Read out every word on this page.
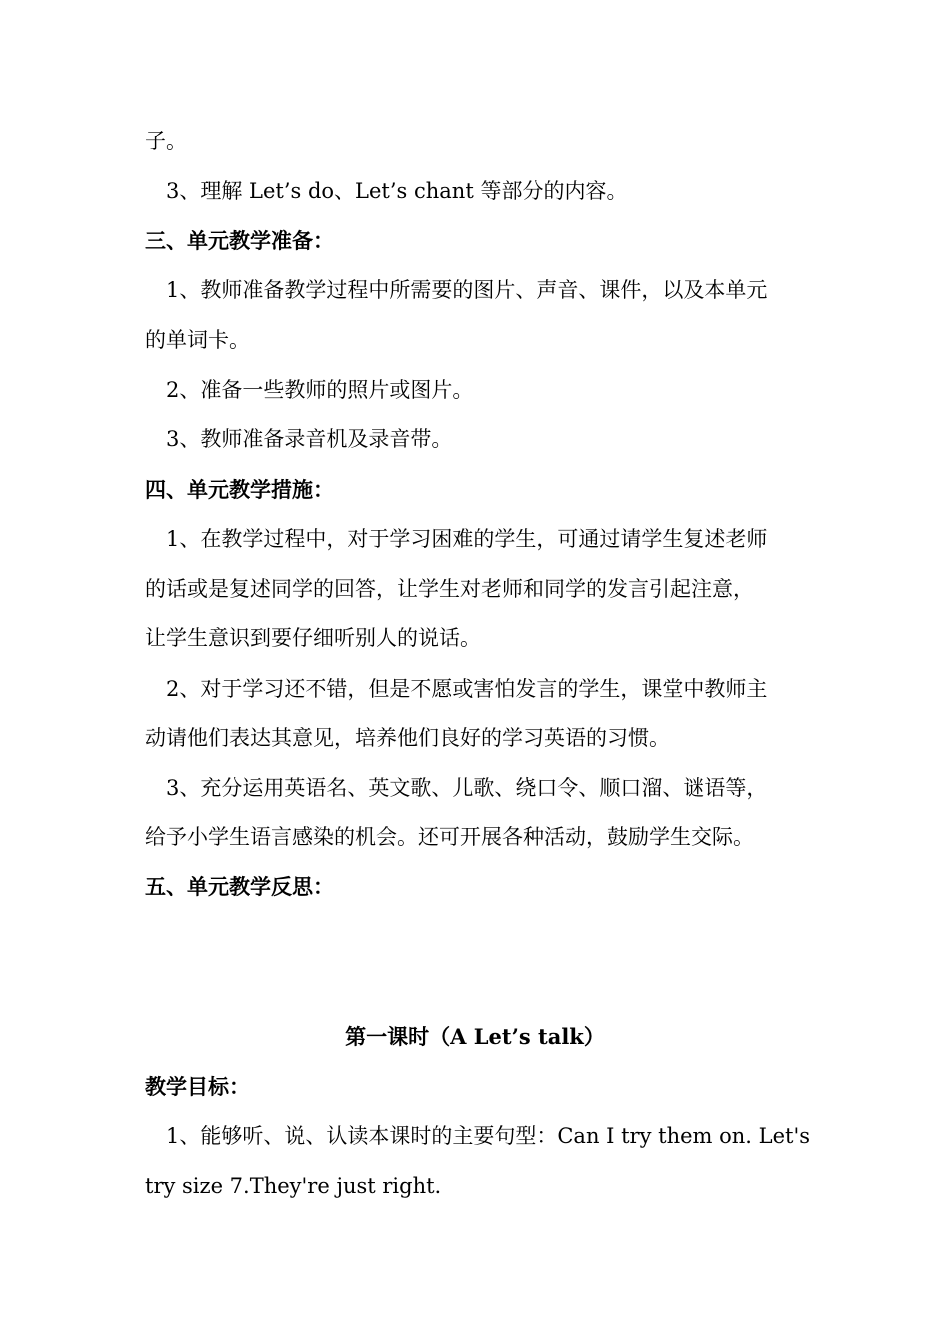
子。
3、理解 Let’s do、Let’s chant 等部分的内容。
三、单元教学准备：
1、教师准备教学过程中所需要的图片、声音、课件，以及本单元
的单词卡。
2、准备一些教师的照片或图片。
3、教师准备录音机及录音带。
四、单元教学措施：
1、在教学过程中，对于学习困难的学生，可通过请学生复述老师
的话或是复述同学的回答，让学生对老师和同学的发言引起注意，
让学生意识到要仔细听别人的说话。
2、对于学习还不错，但是不愿或害怕发言的学生，课堂中教师主
动请他们表达其意见，培养他们良好的学习英语的习惯。
3、充分运用英语名、英文歌、儿歌、绕口令、顺口溜、谜语等，
给予小学生语言感染的机会。还可开展各种活动，鼓励学生交际。
五、单元教学反思：
第一课时（A Let’s talk）
教学目标：
1、能够听、说、认读本课时的主要句型：Can I try them on. Let's
try size 7.They're just right.
